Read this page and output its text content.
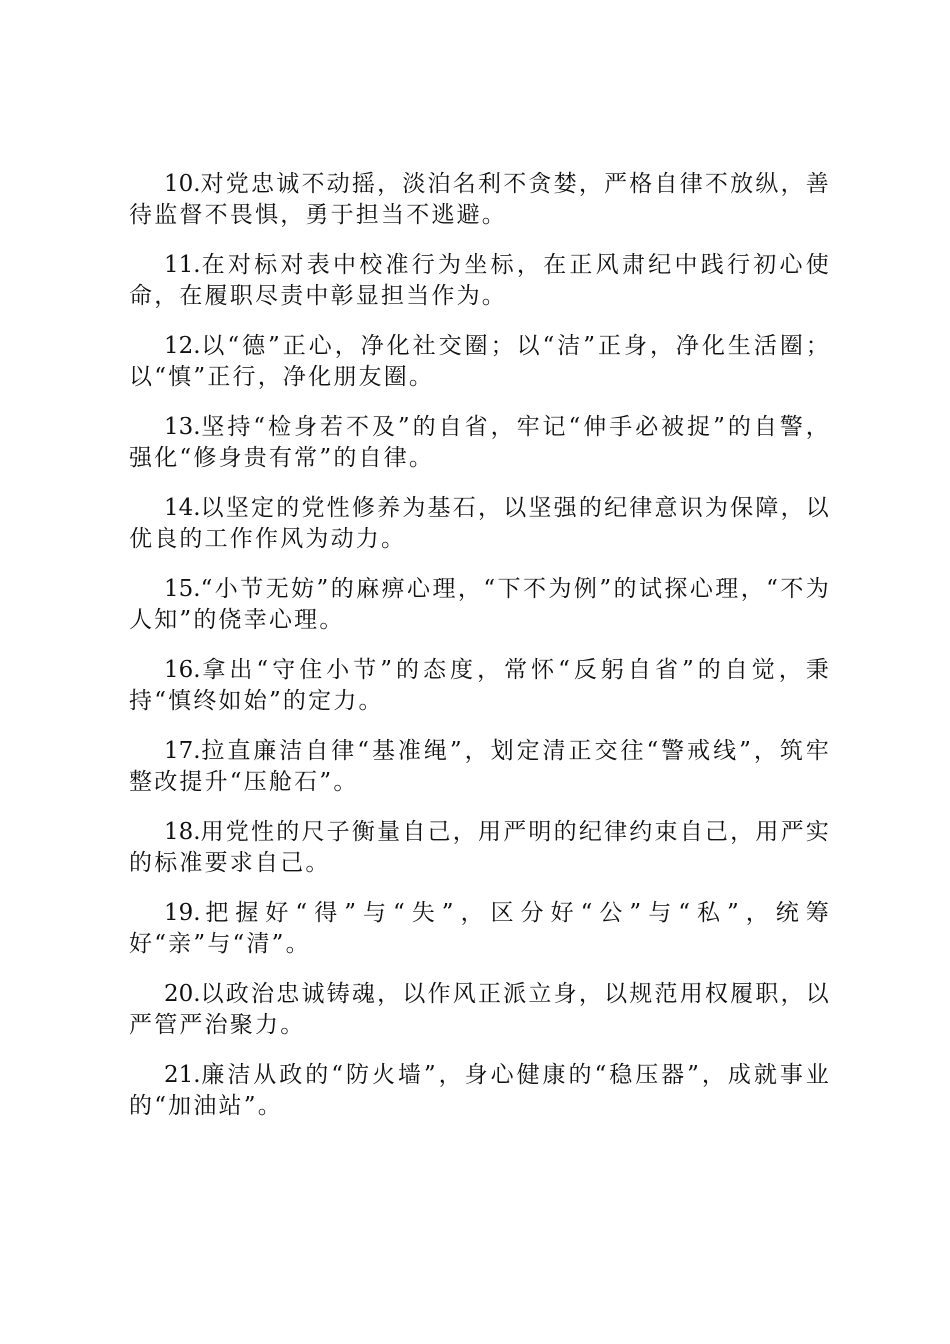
10.对党忠诚不动摇，淡泊名利不贪婪，严格自律不放纵，善待监督不畏惧，勇于担当不逃避。

11.在对标对表中校准行为坐标，在正风肃纪中践行初心使命，在履职尽责中彰显担当作为。

12.以“德”正心，净化社交圈；以“洁”正身，净化生活圈；以“慎”正行，净化朋友圈。

13.坚持“检身若不及”的自省，牢记“伸手必被捉”的自警，强化“修身贵有常”的自律。

14.以坚定的党性修养为基石，以坚强的纪律意识为保障，以优良的工作作风为动力。

15.“小节无妨”的麻痹心理，“下不为例”的试探心理，“不为人知”的侥幸心理。

16.拿出“守住小节”的态度，常怀“反躬自省”的自觉，秉持“慎终如始”的定力。

17.拉直廉洁自律“基准绳”，划定清正交往“警戒线”，筑牢整改提升“压舱石”。

18.用党性的尺子衡量自己，用严明的纪律约束自己，用严实的标准要求自己。

19.把握好“得”与“失”，区分好“公”与“私”，统筹好“亲”与“清”。

20.以政治忠诚铸魂，以作风正派立身，以规范用权履职，以严管严治聚力。

21.廉洁从政的“防火墙”，身心健康的“稳压器”，成就事业的“加油站”。
